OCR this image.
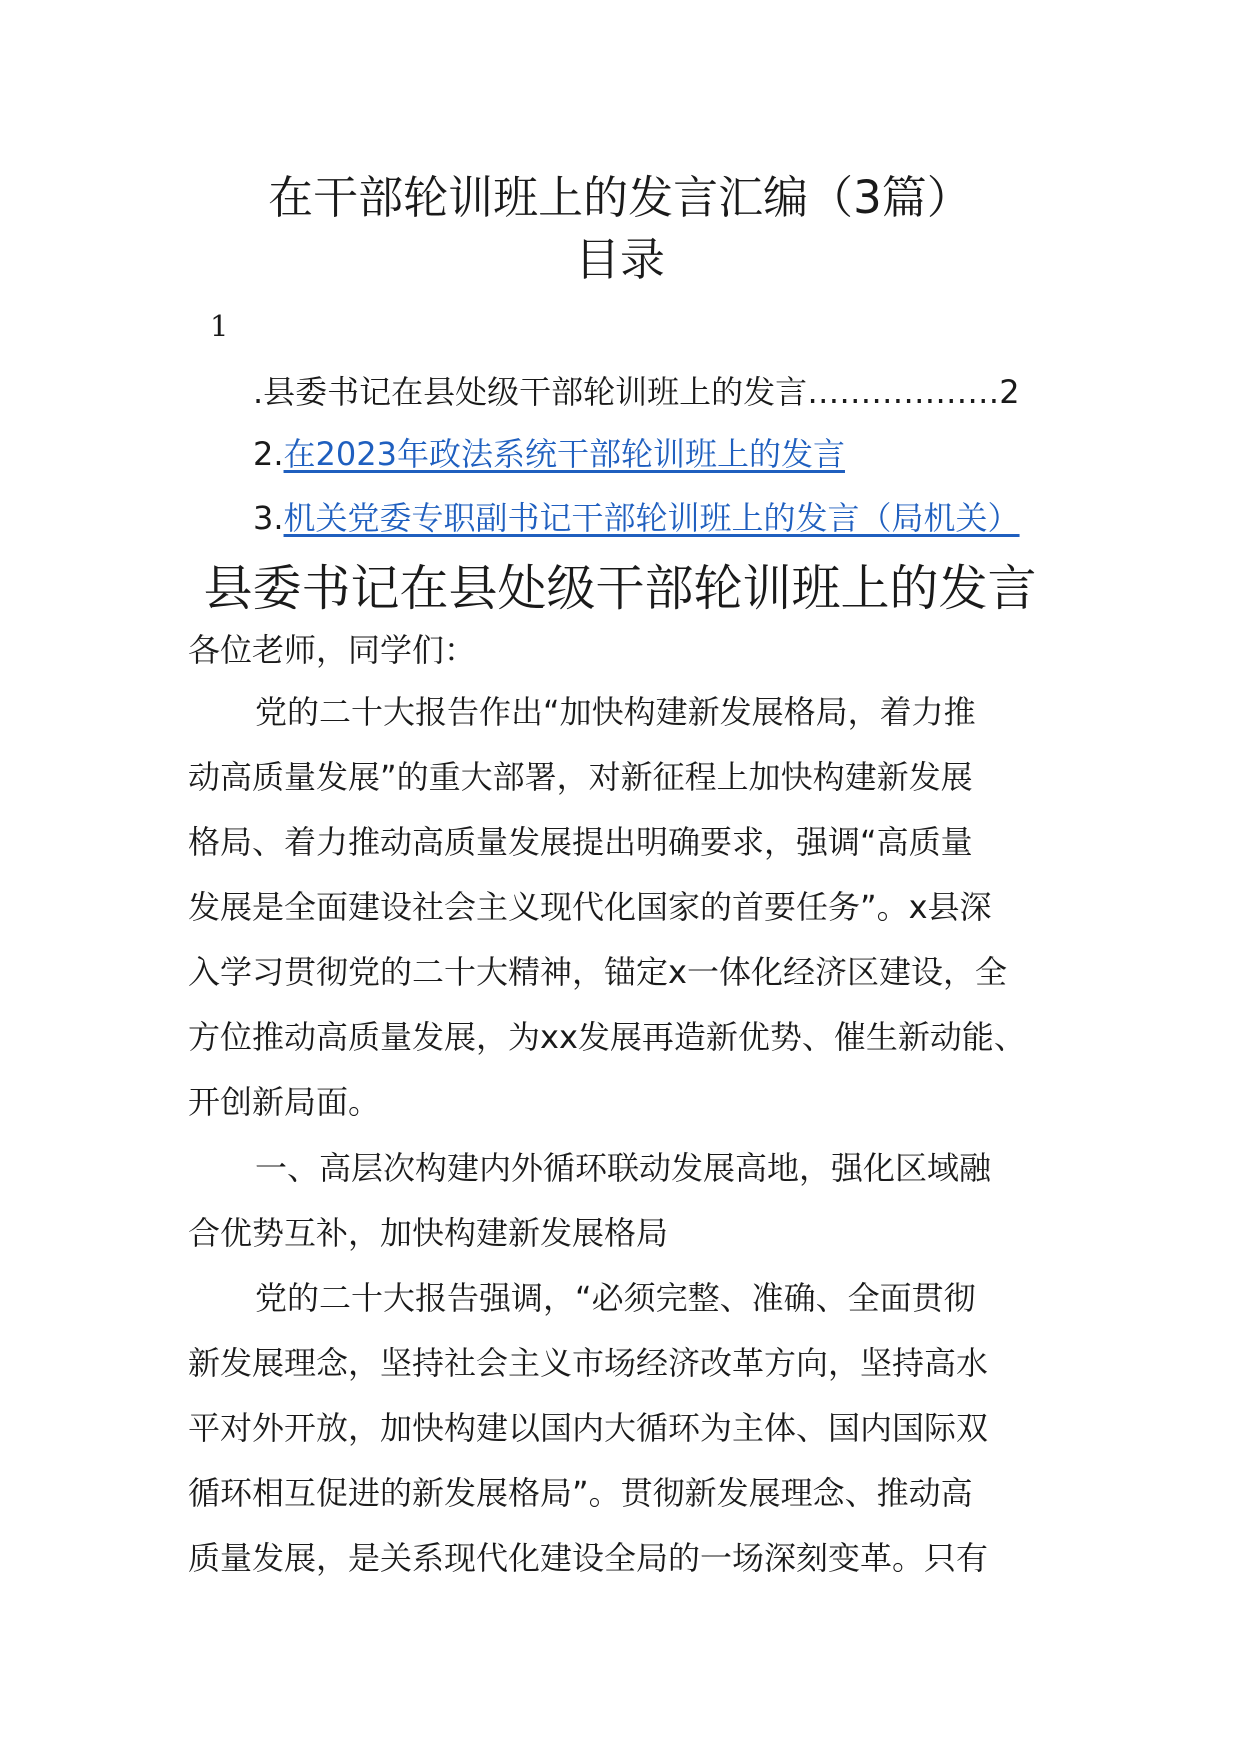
在干部轮训班上的发言汇编（3篇）
目录
1
.县委书记在县处级干部轮训班上的发言………………2
2.在2023年政法系统干部轮训班上的发言
3.机关党委专职副书记干部轮训班上的发言（局机关）
县委书记在县处级干部轮训班上的发言
各位老师，同学们：
党的二十大报告作出“加快构建新发展格局，着力推
动高质量发展”的重大部署，对新征程上加快构建新发展
格局、着力推动高质量发展提出明确要求，强调“高质量
发展是全面建设社会主义现代化国家的首要任务”。x县深
入学习贯彻党的二十大精神，锚定x一体化经济区建设，全
方位推动高质量发展，为xx发展再造新优势、催生新动能、
开创新局面。
一、高层次构建内外循环联动发展高地，强化区域融
合优势互补，加快构建新发展格局
党的二十大报告强调，“必须完整、准确、全面贯彻
新发展理念，坚持社会主义市场经济改革方向，坚持高水
平对外开放，加快构建以国内大循环为主体、国内国际双
循环相互促进的新发展格局”。贯彻新发展理念、推动高
质量发展，是关系现代化建设全局的一场深刻变革。只有
